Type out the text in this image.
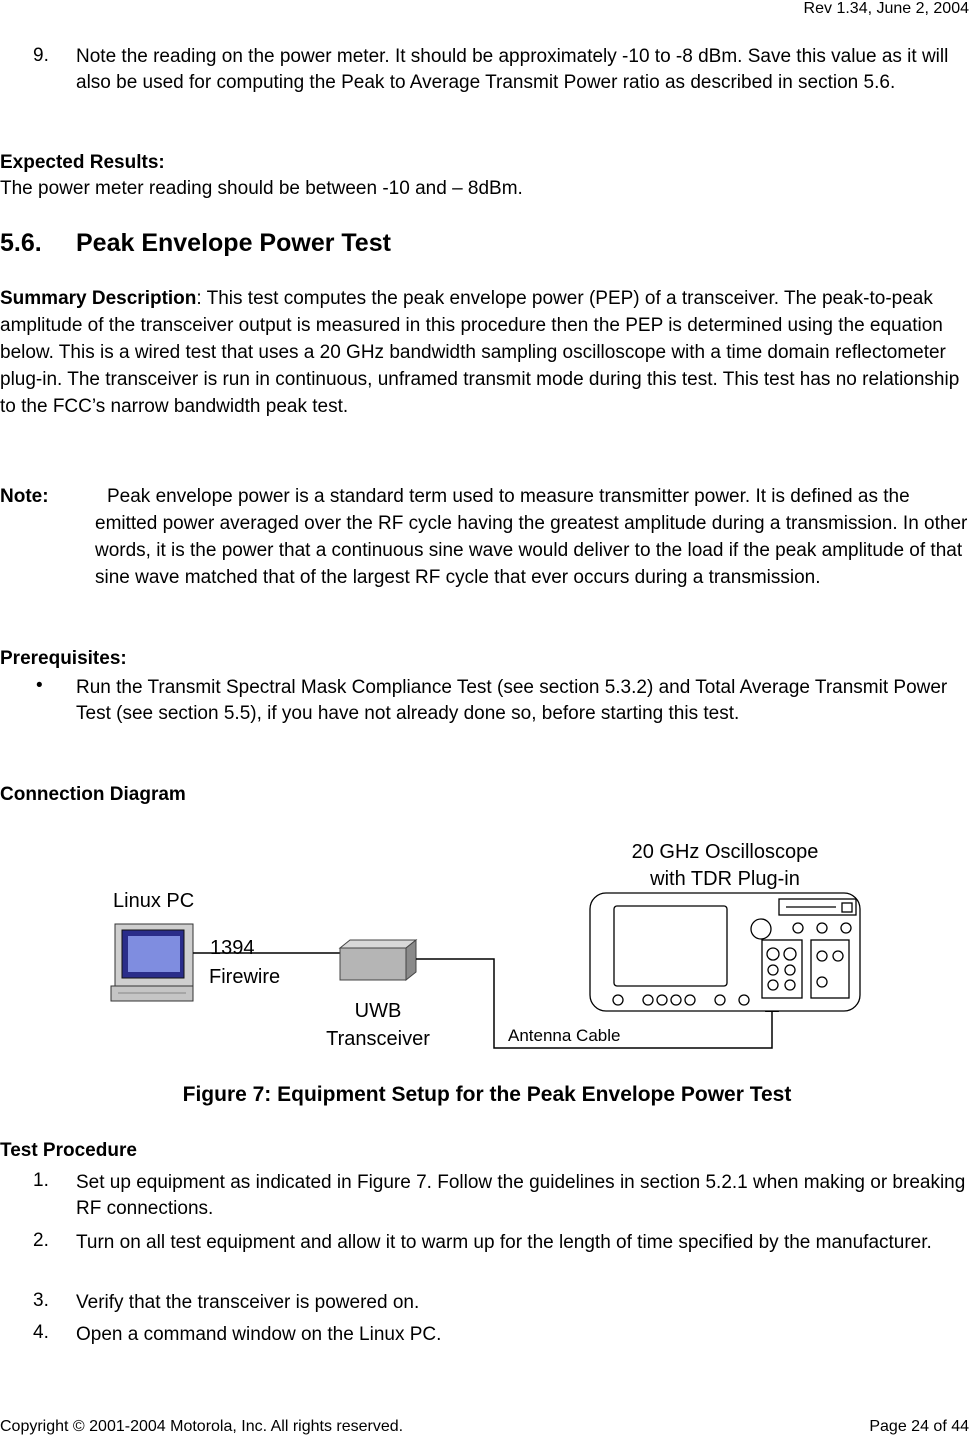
Rev 1.34, June 2, 2004
9. Note the reading on the power meter. It should be approximately -10 to -8 dBm. Save this value as it will also be used for computing the Peak to Average Transmit Power ratio as described in section 5.6.
Expected Results:
The power meter reading should be between -10 and – 8dBm.
5.6. Peak Envelope Power Test
Summary Description: This test computes the peak envelope power (PEP) of a transceiver. The peak-to-peak amplitude of the transceiver output is measured in this procedure then the PEP is determined using the equation below. This is a wired test that uses a 20 GHz bandwidth sampling oscilloscope with a time domain reflectometer plug-in. The transceiver is run in continuous, unframed transmit mode during this test. This test has no relationship to the FCC’s narrow bandwidth peak test.
Note:	Peak envelope power is a standard term used to measure transmitter power. It is defined as the emitted power averaged over the RF cycle having the greatest amplitude during a transmission. In other words, it is the power that a continuous sine wave would deliver to the load if the peak amplitude of that sine wave matched that of the largest RF cycle that ever occurs during a transmission.
Prerequisites:
• Run the Transmit Spectral Mask Compliance Test (see section 5.3.2) and Total Average Transmit Power Test (see section 5.5), if you have not already done so, before starting this test.
Connection Diagram
Linux PC
1394
Firewire
UWB
Transceiver	Antenna Cable
20 GHz Oscilloscope
with TDR Plug-in
Figure 7: Equipment Setup for the Peak Envelope Power Test
Test Procedure
1. Set up equipment as indicated in Figure 7. Follow the guidelines in section 5.2.1 when making or breaking RF connections.
2. Turn on all test equipment and allow it to warm up for the length of time specified by the manufacturer.
3. Verify that the transceiver is powered on.
4. Open a command window on the Linux PC.
Copyright © 2001-2004 Motorola, Inc. All rights reserved.	Page 24 of 44
